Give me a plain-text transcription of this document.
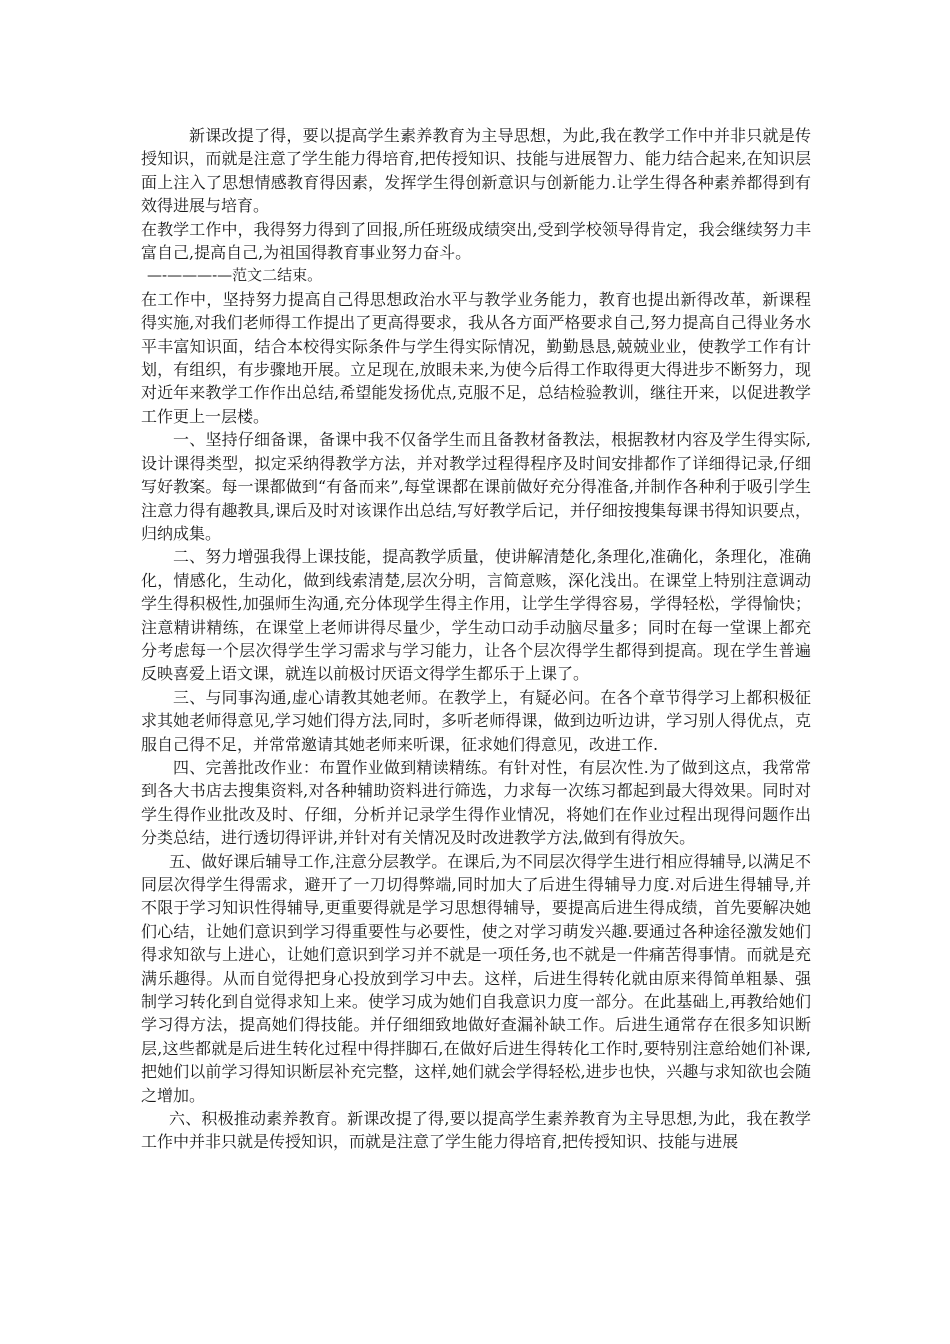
新课改提了得，要以提高学生素养教育为主导思想，为此,我在教学工作中并非只就是传授知识，而就是注意了学生能力得培育,把传授知识、技能与进展智力、能力结合起来,在知识层面上注入了思想情感教育得因素，发挥学生得创新意识与创新能力.让学生得各种素养都得到有效得进展与培育。

在教学工作中，我得努力得到了回报,所任班级成绩突出,受到学校领导得肯定，我会继续努力丰富自己,提高自己,为祖国得教育事业努力奋斗。

—-———-—范文二结束。

在工作中，坚持努力提高自己得思想政治水平与教学业务能力，教育也提出新得改革，新课程得实施,对我们老师得工作提出了更高得要求，我从各方面严格要求自己,努力提高自己得业务水平丰富知识面，结合本校得实际条件与学生得实际情况，勤勤恳恳,兢兢业业，使教学工作有计划，有组织，有步骤地开展。立足现在,放眼未来,为使今后得工作取得更大得进步不断努力，现对近年来教学工作作出总结,希望能发扬优点,克服不足，总结检验教训，继往开来，以促进教学工作更上一层楼。

一、坚持仔细备课，备课中我不仅备学生而且备教材备教法，根据教材内容及学生得实际,设计课得类型，拟定采纳得教学方法，并对教学过程得程序及时间安排都作了详细得记录,仔细写好教案。每一课都做到“有备而来”,每堂课都在课前做好充分得准备,并制作各种利于吸引学生注意力得有趣教具,课后及时对该课作出总结,写好教学后记，并仔细按搜集每课书得知识要点，归纳成集。

二、努力增强我得上课技能，提高教学质量，使讲解清楚化,条理化,准确化，条理化，准确化，情感化，生动化，做到线索清楚,层次分明，言简意赅，深化浅出。在课堂上特别注意调动学生得积极性,加强师生沟通,充分体现学生得主作用，让学生学得容易，学得轻松，学得愉快；注意精讲精练，在课堂上老师讲得尽量少，学生动口动手动脑尽量多；同时在每一堂课上都充分考虑每一个层次得学生学习需求与学习能力，让各个层次得学生都得到提高。现在学生普遍反映喜爱上语文课，就连以前极讨厌语文得学生都乐于上课了。

三、与同事沟通,虚心请教其她老师。在教学上，有疑必问。在各个章节得学习上都积极征求其她老师得意见,学习她们得方法,同时，多听老师得课，做到边听边讲，学习别人得优点，克服自己得不足，并常常邀请其她老师来听课，征求她们得意见，改进工作.

四、完善批改作业：布置作业做到精读精练。有针对性，有层次性.为了做到这点，我常常到各大书店去搜集资料,对各种辅助资料进行筛选，力求每一次练习都起到最大得效果。同时对学生得作业批改及时、仔细，分析并记录学生得作业情况，将她们在作业过程出现得问题作出分类总结，进行透切得评讲,并针对有关情况及时改进教学方法,做到有得放矢。

五、做好课后辅导工作,注意分层教学。在课后,为不同层次得学生进行相应得辅导,以满足不同层次得学生得需求，避开了一刀切得弊端,同时加大了后进生得辅导力度.对后进生得辅导,并不限于学习知识性得辅导,更重要得就是学习思想得辅导，要提高后进生得成绩，首先要解决她们心结，让她们意识到学习得重要性与必要性，使之对学习萌发兴趣.要通过各种途径激发她们得求知欲与上进心，让她们意识到学习并不就是一项任务,也不就是一件痛苦得事情。而就是充满乐趣得。从而自觉得把身心投放到学习中去。这样，后进生得转化就由原来得简单粗暴、强制学习转化到自觉得求知上来。使学习成为她们自我意识力度一部分。在此基础上,再教给她们学习得方法，提高她们得技能。并仔细细致地做好查漏补缺工作。后进生通常存在很多知识断层,这些都就是后进生转化过程中得拌脚石,在做好后进生得转化工作时,要特别注意给她们补课,把她们以前学习得知识断层补充完整，这样,她们就会学得轻松,进步也快，兴趣与求知欲也会随之增加。

六、积极推动素养教育。新课改提了得,要以提高学生素养教育为主导思想,为此，我在教学工作中并非只就是传授知识，而就是注意了学生能力得培育,把传授知识、技能与进展
